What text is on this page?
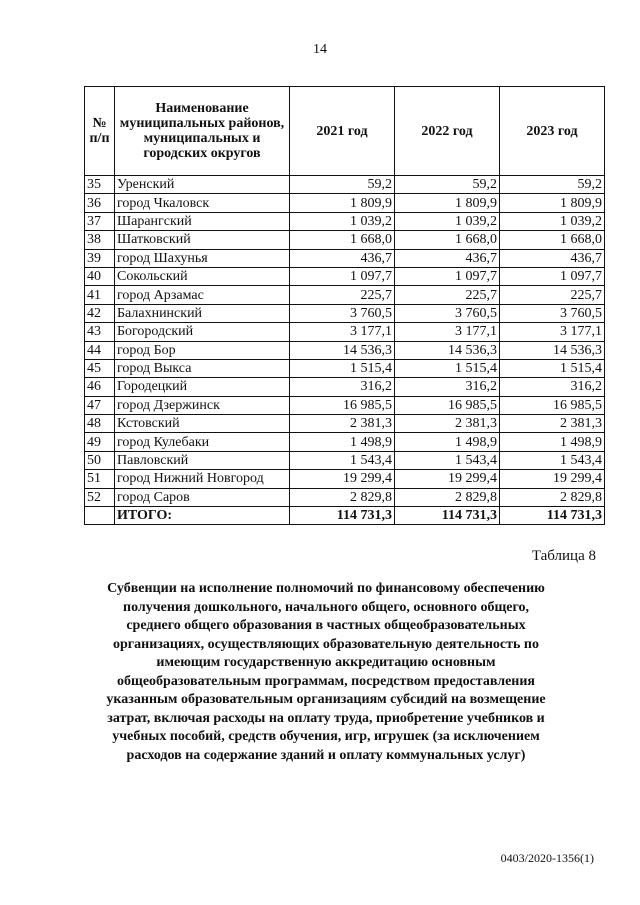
14
№ п/п	Наименование муниципальных районов, муниципальных и городских округов	2021 год	2022 год	2023 год
35	Уренский	59,2	59,2	59,2
36	город Чкаловск	1 809,9	1 809,9	1 809,9
37	Шарангский	1 039,2	1 039,2	1 039,2
38	Шатковский	1 668,0	1 668,0	1 668,0
39	город Шахунья	436,7	436,7	436,7
40	Сокольский	1 097,7	1 097,7	1 097,7
41	город Арзамас	225,7	225,7	225,7
42	Балахнинский	3 760,5	3 760,5	3 760,5
43	Богородский	3 177,1	3 177,1	3 177,1
44	город Бор	14 536,3	14 536,3	14 536,3
45	город Выкса	1 515,4	1 515,4	1 515,4
46	Городецкий	316,2	316,2	316,2
47	город Дзержинск	16 985,5	16 985,5	16 985,5
48	Кстовский	2 381,3	2 381,3	2 381,3
49	город Кулебаки	1 498,9	1 498,9	1 498,9
50	Павловский	1 543,4	1 543,4	1 543,4
51	город Нижний Новгород	19 299,4	19 299,4	19 299,4
52	город Саров	2 829,8	2 829,8	2 829,8
	ИТОГО:	114 731,3	114 731,3	114 731,3
Таблица 8
Субвенции на исполнение полномочий по финансовому обеспечению получения дошкольного, начального общего, основного общего, среднего общего образования в частных общеобразовательных организациях, осуществляющих образовательную деятельность по имеющим государственную аккредитацию основным общеобразовательным программам, посредством предоставления указанным образовательным организациям субсидий на возмещение затрат, включая расходы на оплату труда, приобретение учебников и учебных пособий, средств обучения, игр, игрушек (за исключением расходов на содержание зданий и оплату коммунальных услуг)
0403/2020-1356(1)
